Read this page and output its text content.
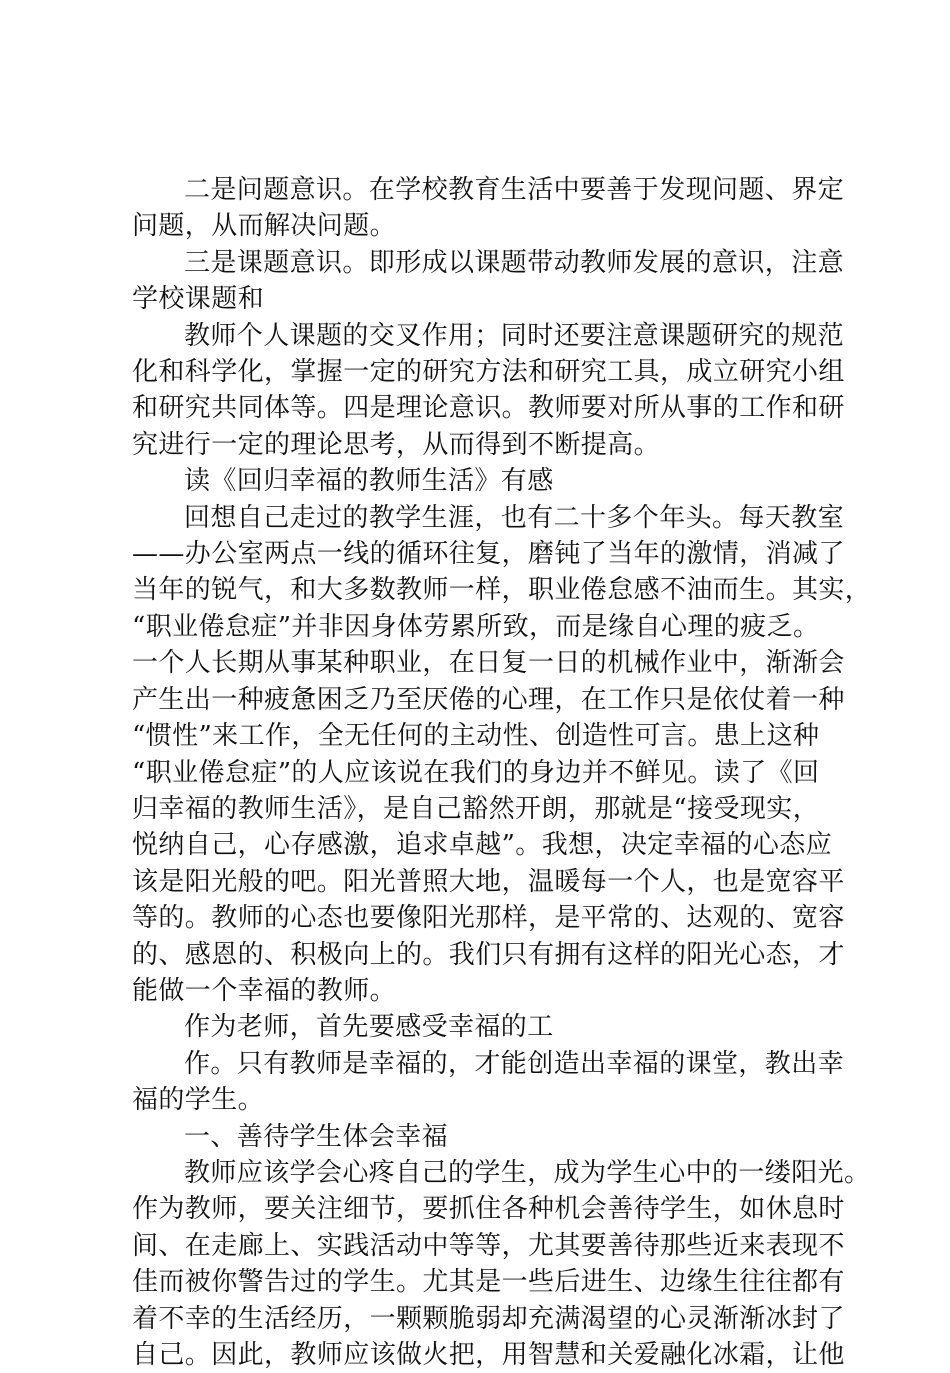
二是问题意识。在学校教育生活中要善于发现问题、界定
问题，从而解决问题。
三是课题意识。即形成以课题带动教师发展的意识，注意
学校课题和
教师个人课题的交叉作用；同时还要注意课题研究的规范
化和科学化，掌握一定的研究方法和研究工具，成立研究小组
和研究共同体等。四是理论意识。教师要对所从事的工作和研
究进行一定的理论思考，从而得到不断提高。
读《回归幸福的教师生活》有感
回想自己走过的教学生涯，也有二十多个年头。每天教室
——办公室两点一线的循环往复，磨钝了当年的激情，消减了
当年的锐气，和大多数教师一样，职业倦怠感不油而生。其实，
“职业倦怠症”并非因身体劳累所致，而是缘自心理的疲乏。
一个人长期从事某种职业，在日复一日的机械作业中，渐渐会
产生出一种疲惫困乏乃至厌倦的心理，在工作只是依仗着一种
“惯性”来工作，全无任何的主动性、创造性可言。患上这种
“职业倦怠症”的人应该说在我们的身边并不鲜见。读了《回
归幸福的教师生活》，是自己豁然开朗，那就是“接受现实，
悦纳自己，心存感激，追求卓越”。我想，决定幸福的心态应
该是阳光般的吧。阳光普照大地，温暖每一个人，也是宽容平
等的。教师的心态也要像阳光那样，是平常的、达观的、宽容
的、感恩的、积极向上的。我们只有拥有这样的阳光心态，才
能做一个幸福的教师。
作为老师，首先要感受幸福的工
作。只有教师是幸福的，才能创造出幸福的课堂，教出幸
福的学生。
一、善待学生体会幸福
教师应该学会心疼自己的学生，成为学生心中的一缕阳光。
作为教师，要关注细节，要抓住各种机会善待学生，如休息时
间、在走廊上、实践活动中等等，尤其要善待那些近来表现不
佳而被你警告过的学生。尤其是一些后进生、边缘生往往都有
着不幸的生活经历，一颗颗脆弱却充满渴望的心灵渐渐冰封了
自己。因此，教师应该做火把，用智慧和关爱融化冰霜，让他
